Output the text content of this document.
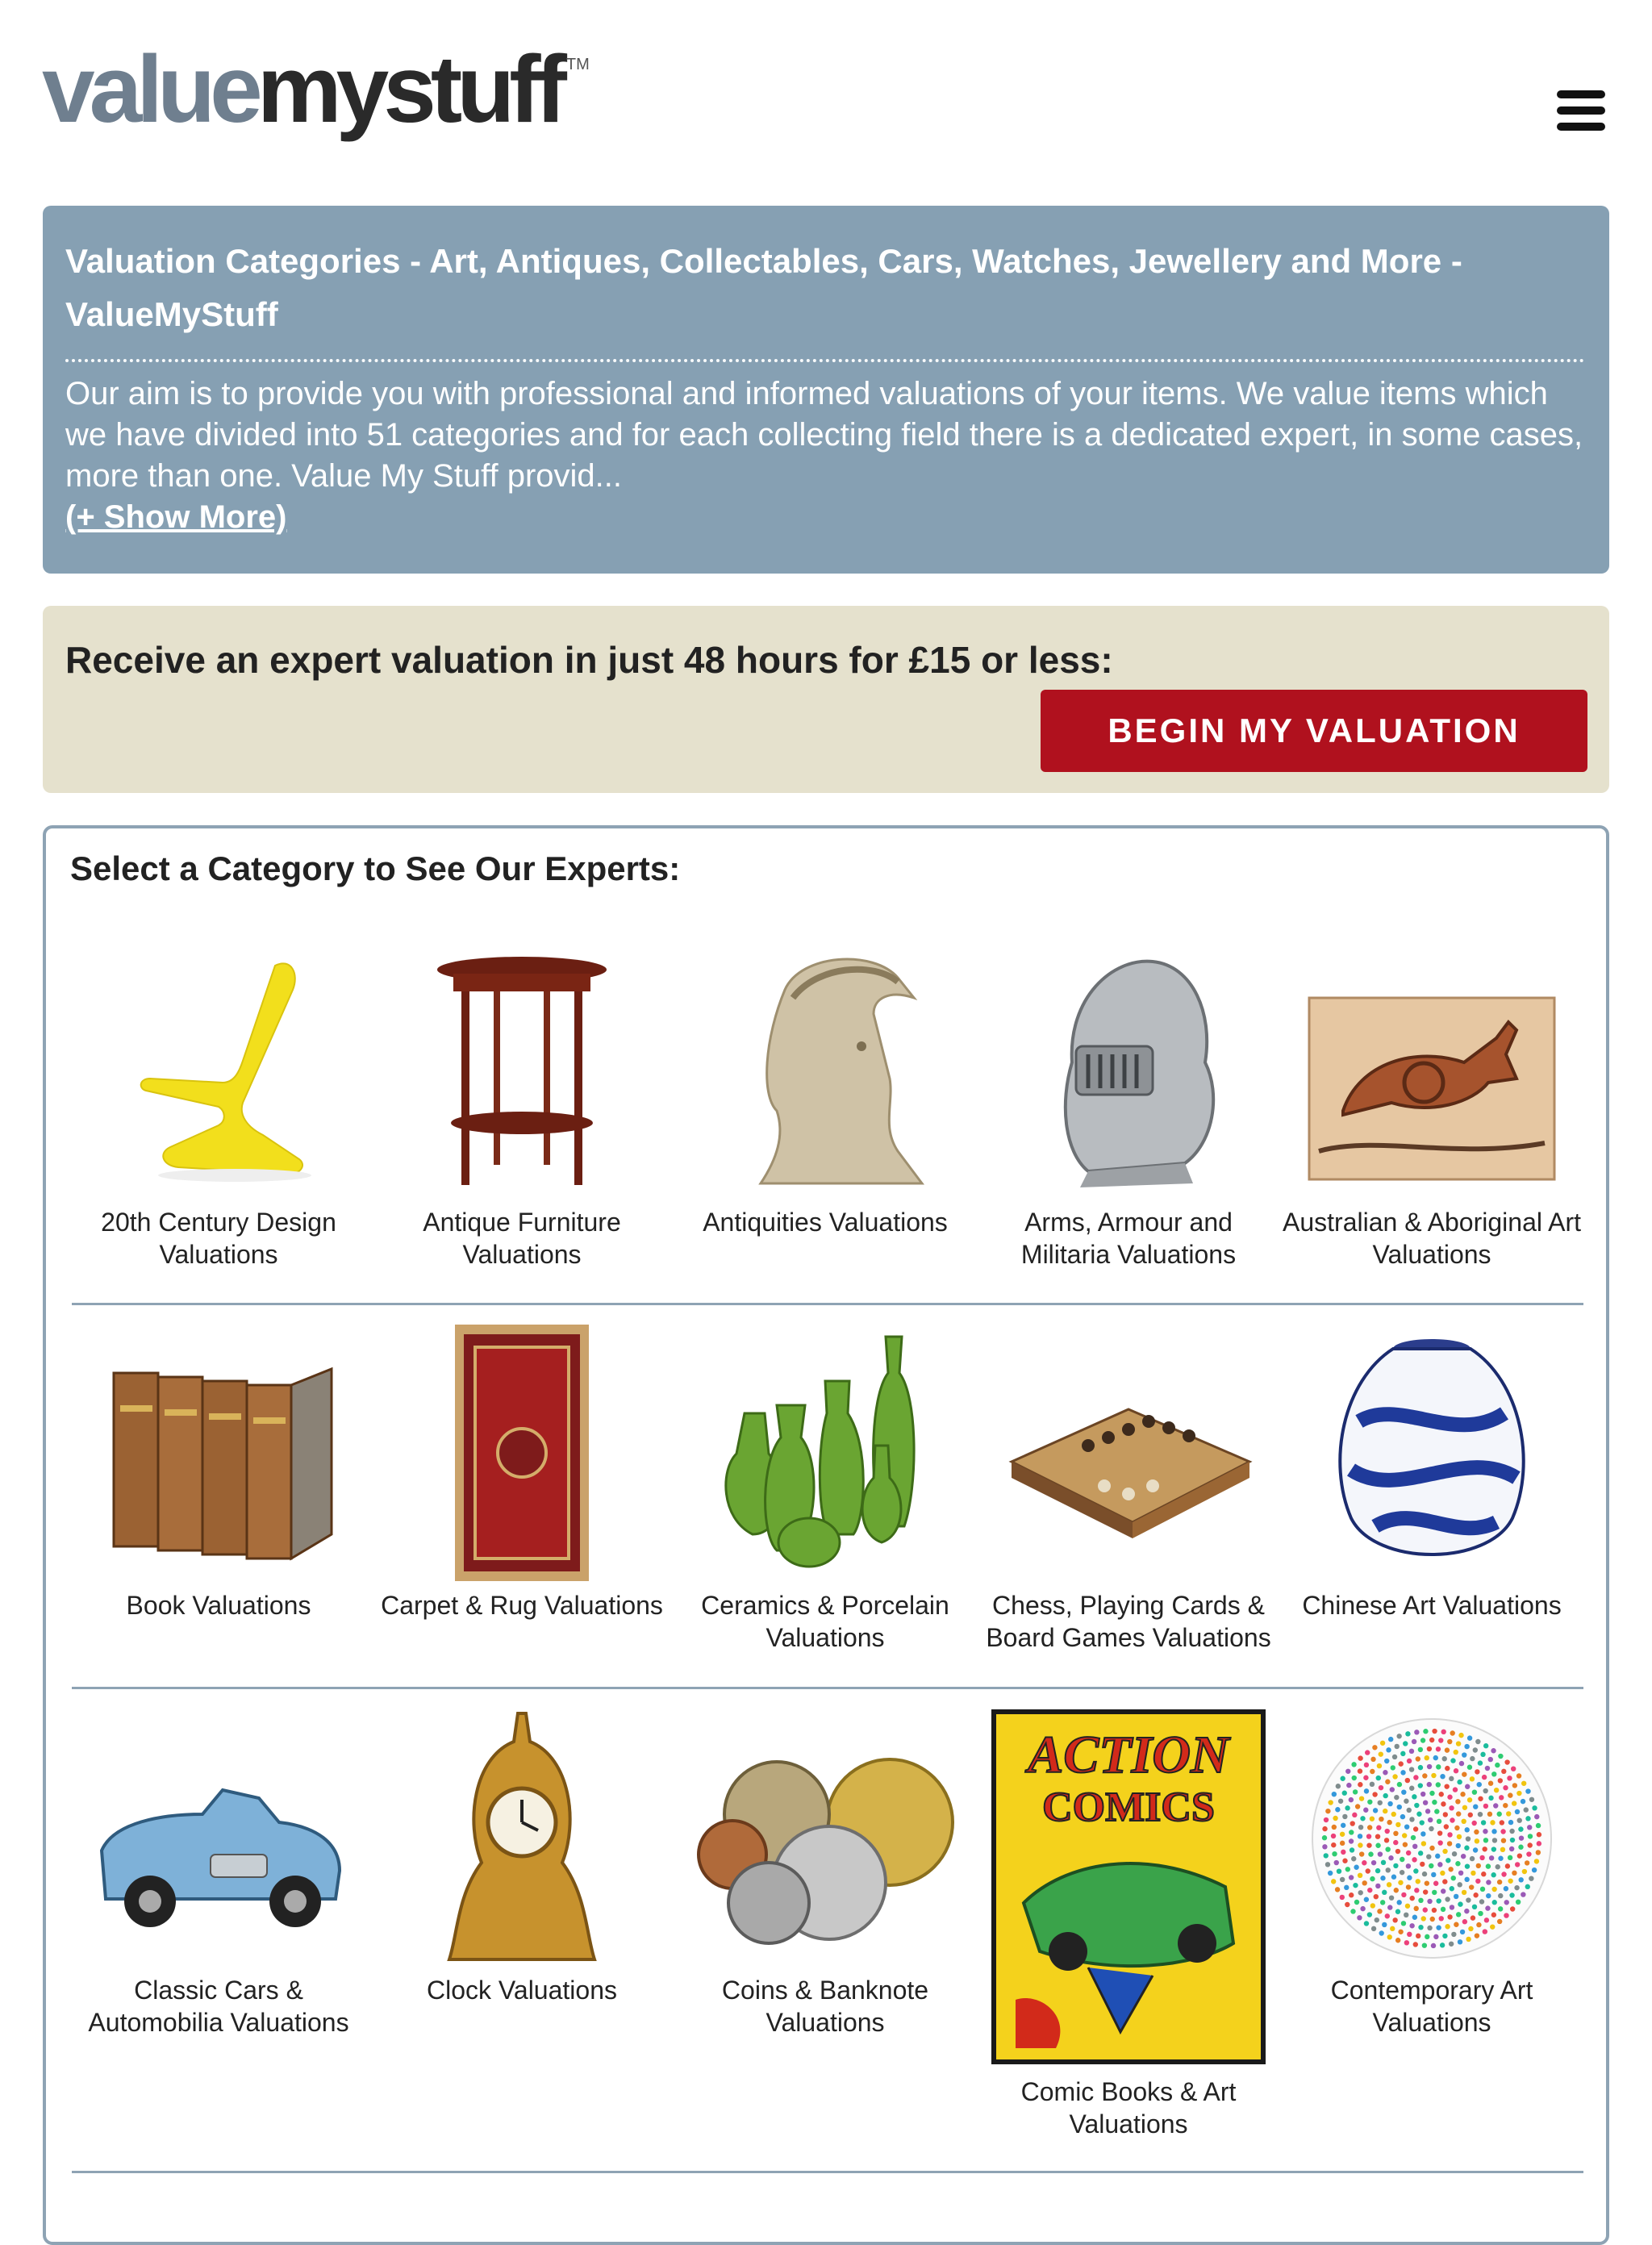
valuemystuff ™
Valuation Categories - Art, Antiques, Collectables, Cars, Watches, Jewellery and More - ValueMyStuff

Our aim is to provide you with professional and informed valuations of your items. We value items which we have divided into 51 categories and for each collecting field there is a dedicated expert, in some cases, more than one. Value My Stuff provid...

(+ Show More)
Receive an expert valuation in just 48 hours for £15 or less:
BEGIN MY VALUATION
Select a Category to See Our Experts:
20th Century Design Valuations
Antique Furniture Valuations
Antiquities Valuations	Arms, Armour and Militaria Valuations
Australian & Aboriginal Art Valuations
Book Valuations	Carpet & Rug Valuations	Ceramics & Porcelain Valuations
Chess, Playing Cards & Board Games Valuations
Chinese Art Valuations
Classic Cars & Automobilia Valuations
Clock Valuations	Coins & Banknote Valuations
ACTION
COMICS
Comic Books & Art Valuations
Contemporary Art Valuations
